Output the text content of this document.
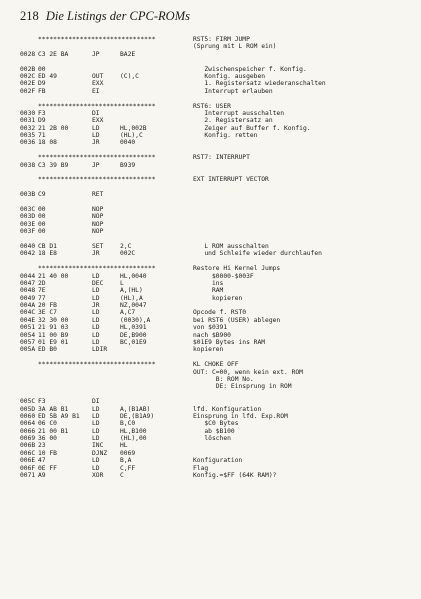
218 Die Listings der CPC-ROMs
*******************************	RST5: FIRM JUMP
(Sprung mit L ROM ein)
0028 C3 2E BA	JP	BA2E
002B 00	Zwischenspeicher f. Konfig.
002C ED 49	OUT	(C),C	Konfig. ausgeben
002E D9	EXX	1. Registersatz wiederanschalten
002F FB	EI	Interrupt erlauben
*******************************	RST6: USER
0030 F3	DI	Interrupt ausschalten
0031 D9	EXX	2. Registersatz an
0032 21 2B 00	LD	HL,002B	Zeiger auf Buffer f. Konfig.
0035 71	LD	(HL),C	Konfig. retten
0036 18 08	JR	0040
*******************************	RST7: INTERRUPT
0038 C3 39 B9	JP	B939
*******************************	EXT INTERRUPT VECTOR
003B C9	RET
003C 00	NOP
003D 00	NOP
003E 00	NOP
003F 00	NOP
0040 CB D1	SET	2,C	L ROM ausschalten
0042 18 E8	JR	002C	und Schleife wieder durchlaufen
*******************************	Restore Hi Kernel Jumps
0044 21 40 00	LD	HL,0040	$0000-$003F
0047 2D	DEC	L	ins
0048 7E	LD	A,(HL)	RAM
0049 77	LD	(HL),A	kopieren
004A 20 FB	JR	NZ,0047
004C 3E C7	LD	A,C7	Opcode f. RST0
004E 32 30 00	LD	(0030),A	bei RST6 (USER) ablegen
0051 21 91 03	LD	HL,0391	von $0391
0054 11 00 B9	LD	DE,B900	nach $B900
0057 01 E9 01	LD	BC,01E9	$01E9 Bytes ins RAM
005A ED B0	LDIR	kopieren
*******************************	KL CHOKE OFF
OUT: C=00, wenn kein ext. ROM
B: ROM No.
DE: Einsprung in ROM
005C F3	DI
005D 3A AB B1	LD	A,(B1AB)	lfd. Konfiguration
0060 ED 5B A9 B1 LD	DE,(B1A9)	Einsprung in lfd. Exp.ROM
0064 06 C0	LD	B,C0	$C0 Bytes
0066 21 00 B1	LD	HL,B100	ab $B100
0069 36 00	LD	(HL),00	löschen
006B 23	INC	HL
006C 10 FB	DJNZ 0069
006E 47	LD	B,A	Konfiguration
006F 0E FF	LD	C,FF	Flag
0071 A9	XOR	C	Konfig.=$FF (64K RAM)?
